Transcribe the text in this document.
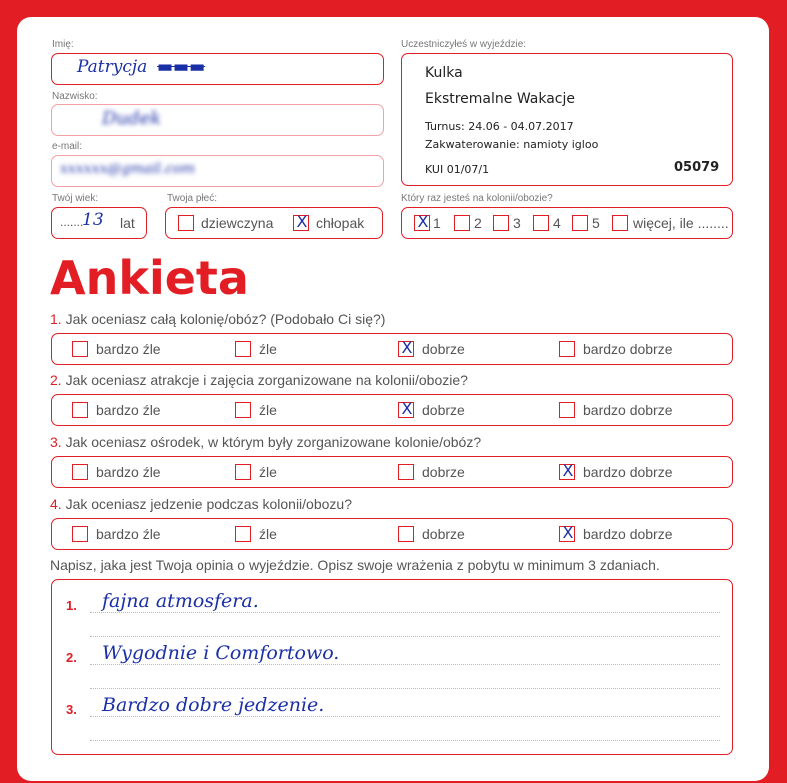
Imię:
Patrycja ▬▬▬
Nazwisko:
Dudek
e-mail:
xxxxxx@gmail.com
Twój wiek:
.......
13 lat
Twoja płeć:
dziewczyna X chłopak
Uczestniczyłeś w wyjeździe:
Kulka
Ekstremalne Wakacje
Turnus: 24.06 - 04.07.2017
Zakwaterowanie: namioty igloo
KUI 01/07/1	05079
Który raz jesteś na kolonii/obozie?
X 1 2 3 4 5 więcej, ile ........
Ankieta
1. Jak oceniasz całą kolonię/obóz? (Podobało Ci się?)
bardzo źle	źle	X dobrze	bardzo dobrze
2. Jak oceniasz atrakcje i zajęcia zorganizowane na kolonii/obozie?
bardzo źle	źle	X dobrze	bardzo dobrze
3. Jak oceniasz ośrodek, w którym były zorganizowane kolonie/obóz?
bardzo źle	źle	dobrze	X bardzo dobrze
4. Jak oceniasz jedzenie podczas kolonii/obozu?
bardzo źle	źle	dobrze	X bardzo dobrze
Napisz, jaka jest Twoja opinia o wyjeździe. Opisz swoje wrażenia z pobytu w minimum 3 zdaniach.
1. fajna atmosfera.
2. Wygodnie i Comfortowo.
3. Bardzo dobre jedzenie.
